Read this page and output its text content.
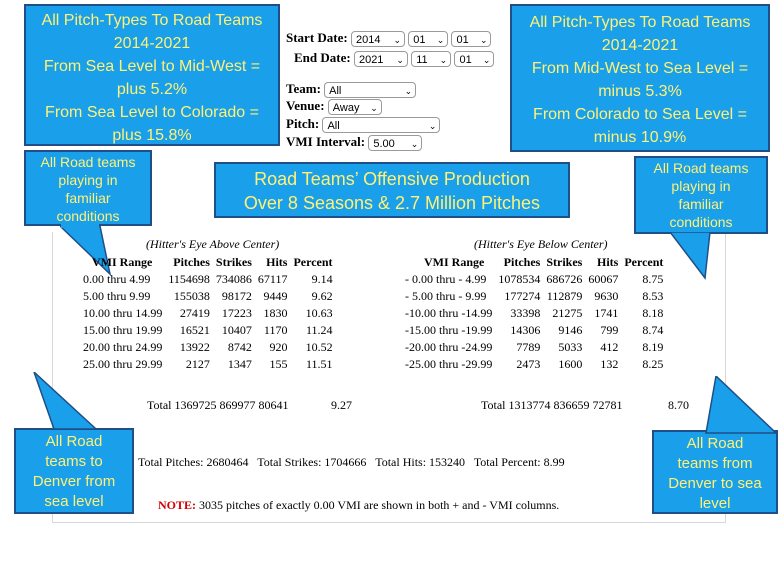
All Pitch-Types To Road Teams
2014-2021
From Sea Level to Mid-West =
plus 5.2%
From Sea Level to Colorado =
plus 15.8%
All Pitch-Types To Road Teams
2014-2021
From Mid-West to Sea Level =
minus 5.3%
From Colorado to Sea Level =
minus 10.9%
Start Date: 2014 ⌄ 01 ⌄ 01 ⌄
End Date: 2021 ⌄ 11 ⌄ 01 ⌄
Team: All	⌄
Venue: Away ⌄
Pitch: All	⌄
VMI Interval: 5.00 ⌄
All Road teams
playing in
familiar
conditions
Road Teams’ Offensive Production
Over 8 Seasons & 2.7 Million Pitches
All Road teams
playing in
familiar
conditions
(Hitter's Eye Above Center)
VMI Range	Pitches	Strikes	Hits	Percent
0.00 thru 4.99	1154698	734086	67117	9.14
5.00 thru 9.99	155038	98172	9449	9.62
10.00 thru 14.99	27419	17223	1830	10.63
15.00 thru 19.99	16521	10407	1170	11.24
20.00 thru 24.99	13922	8742	920	10.52
25.00 thru 29.99	2127	1347	155	11.51
Total 1369725 869977 80641	9.27
(Hitter's Eye Below Center)
VMI Range	Pitches	Strikes	Hits	Percent
- 0.00 thru - 4.99	1078534	686726	60067	8.75
- 5.00 thru - 9.99	177274	112879	9630	8.53
-10.00 thru -14.99	33398	21275	1741	8.18
-15.00 thru -19.99	14306	9146	799	8.74
-20.00 thru -24.99	7789	5033	412	8.19
-25.00 thru -29.99	2473	1600	132	8.25
Total 1313774 836659 72781	8.70
All Road
teams to
Denver from
sea level
All Road
teams from
Denver to sea
level
Total Pitches: 2680464   Total Strikes: 1704666   Total Hits: 153240   Total Percent: 8.99
NOTE: 3035 pitches of exactly 0.00 VMI are shown in both + and - VMI columns.
